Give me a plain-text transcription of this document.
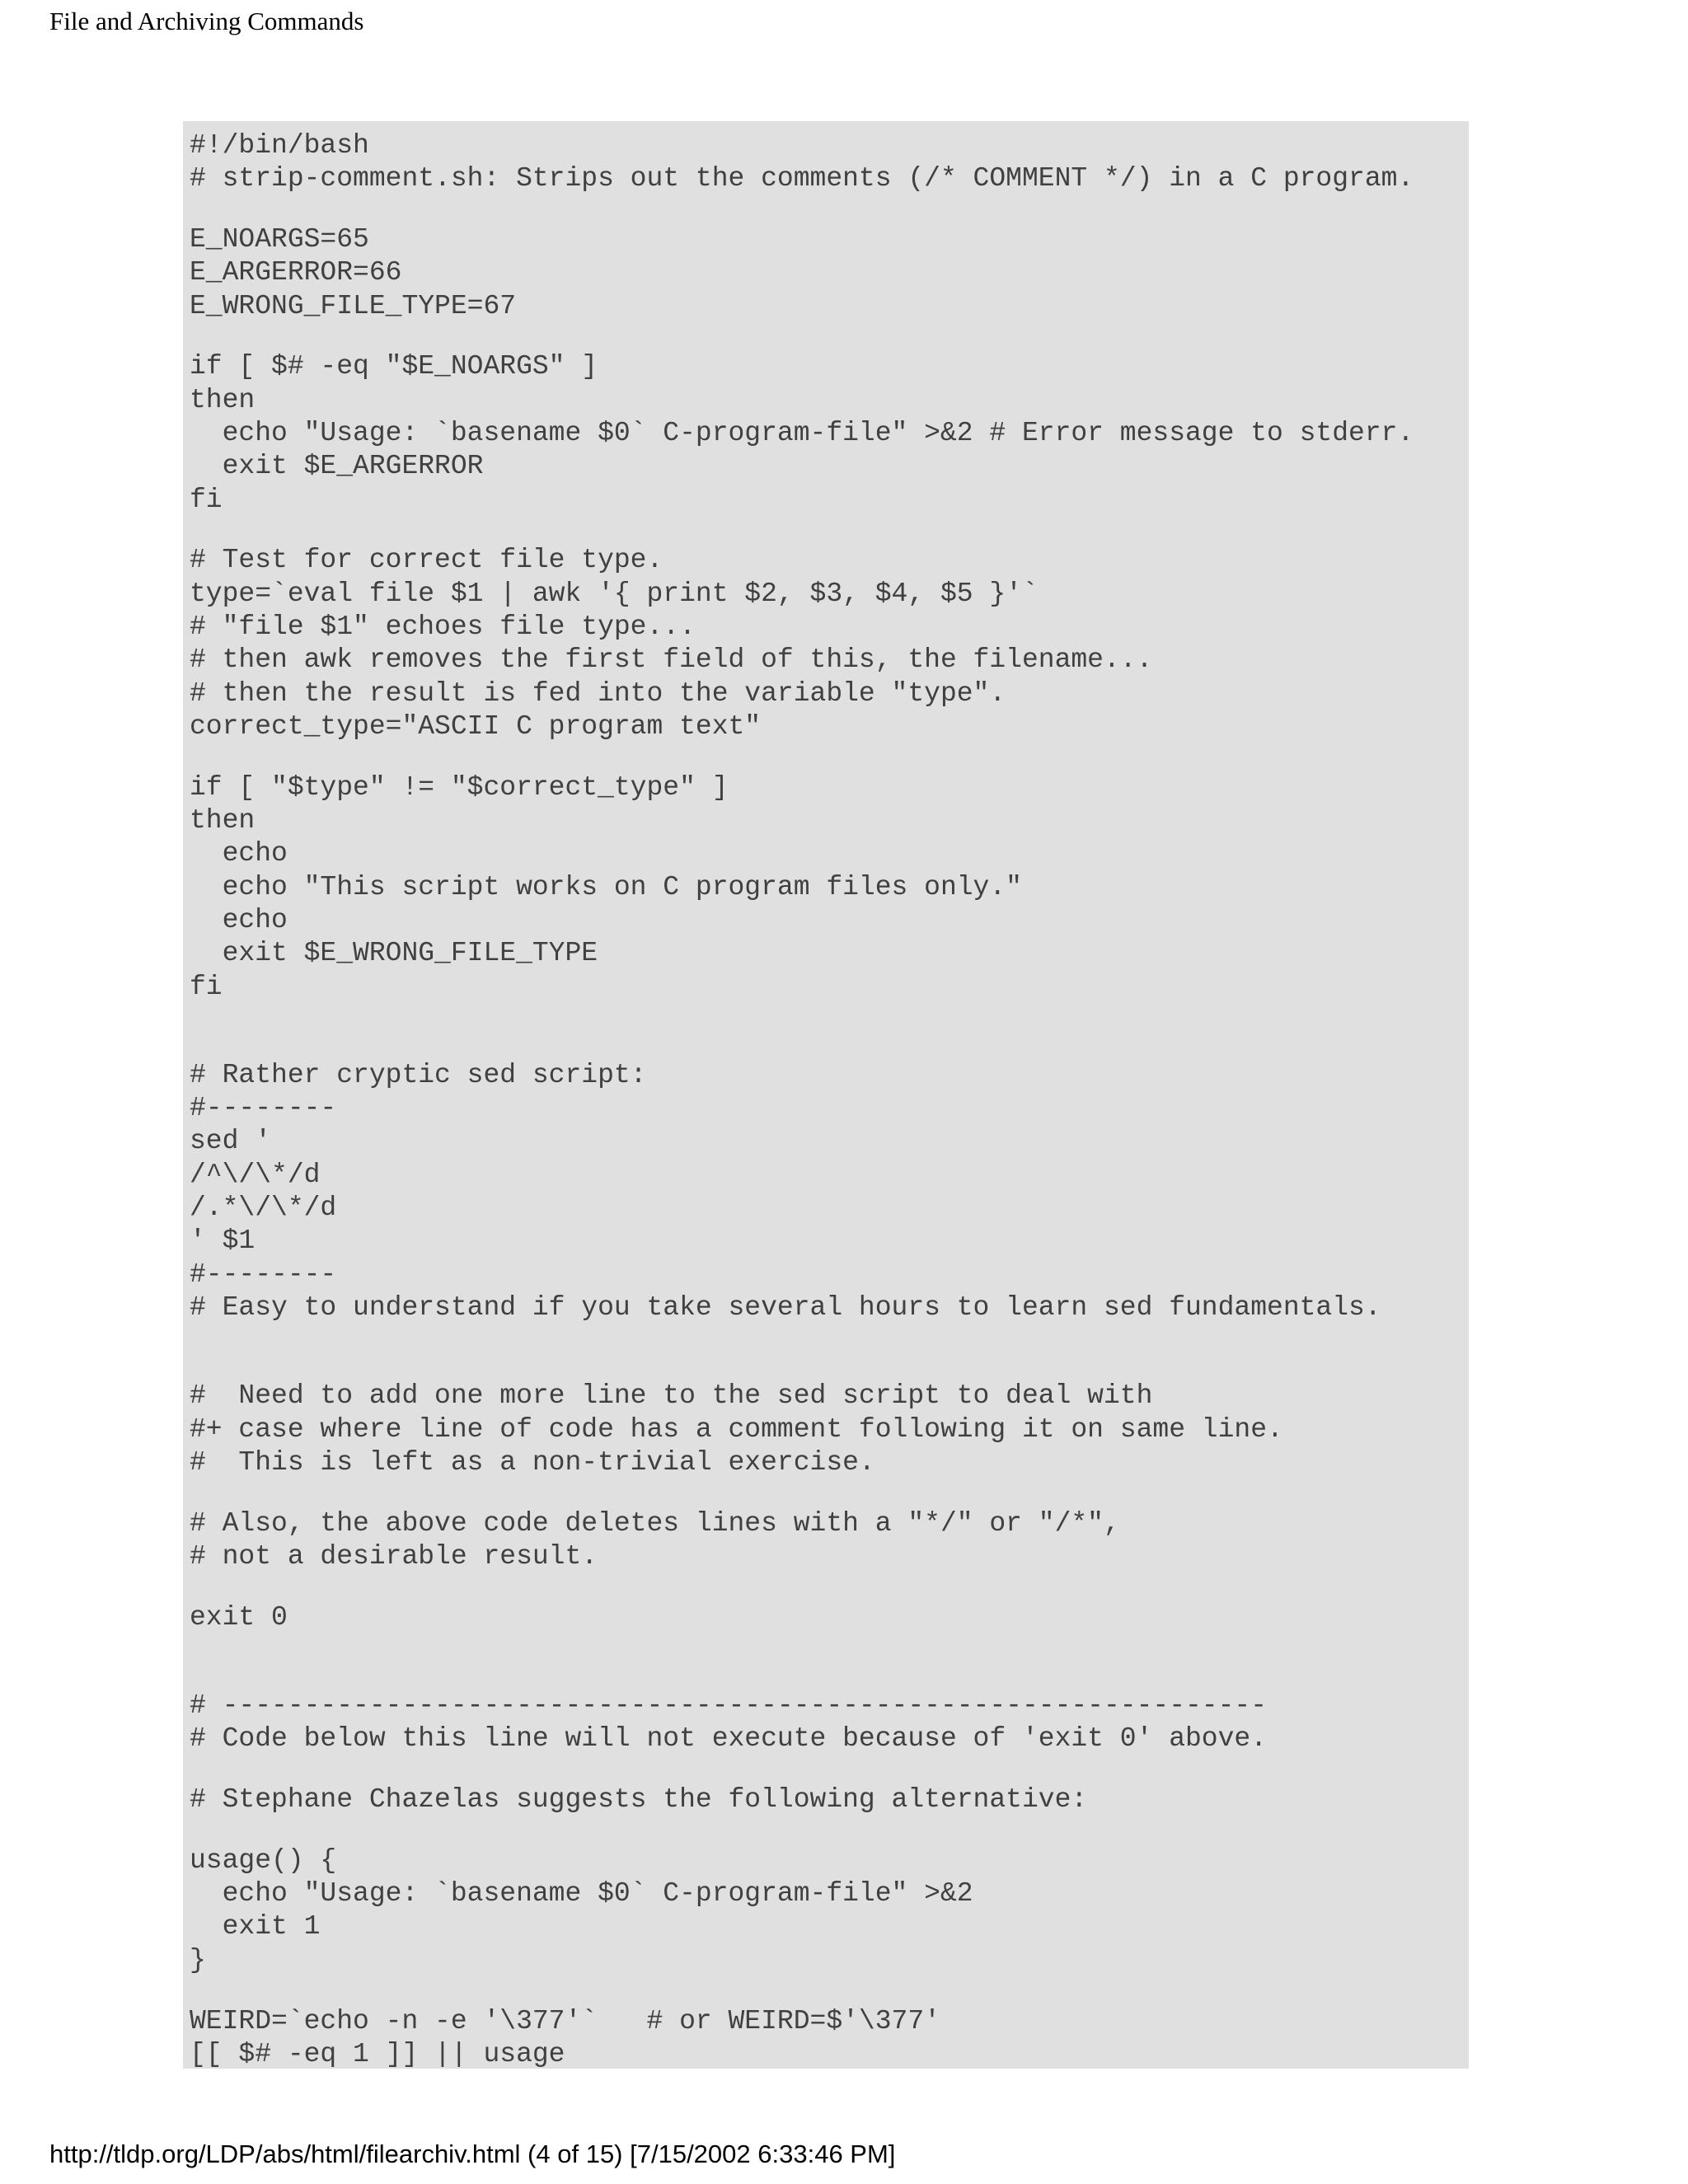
File and Archiving Commands
#!/bin/bash
# strip-comment.sh: Strips out the comments (/* COMMENT */) in a C program.
E_NOARGS=65
E_ARGERROR=66
E_WRONG_FILE_TYPE=67
if [ $# -eq "$E_NOARGS" ]
then
echo "Usage: `basename $0` C-program-file" >&2 # Error message to stderr.
exit $E_ARGERROR
fi
# Test for correct file type.
type=`eval file $1 | awk '{ print $2, $3, $4, $5 }'`
# "file $1" echoes file type...
# then awk removes the first field of this, the filename...
# then the result is fed into the variable "type".
correct_type="ASCII C program text"
if [ "$type" != "$correct_type" ]
then
echo
echo "This script works on C program files only."
echo
exit $E_WRONG_FILE_TYPE
fi
# Rather cryptic sed script:
#--------
sed '
/^\/\*/d
/.*\/\*/d
' $1
#--------
# Easy to understand if you take several hours to learn sed fundamentals.
#  Need to add one more line to the sed script to deal with
#+ case where line of code has a comment following it on same line.
#  This is left as a non-trivial exercise.
# Also, the above code deletes lines with a "*/" or "/*",
# not a desirable result.
exit 0
# ----------------------------------------------------------------
# Code below this line will not execute because of 'exit 0' above.
# Stephane Chazelas suggests the following alternative:
usage() {
echo "Usage: `basename $0` C-program-file" >&2
exit 1
}
WEIRD=`echo -n -e '\377'`   # or WEIRD=$'\377'
[[ $# -eq 1 ]] || usage
http://tldp.org/LDP/abs/html/filearchiv.html (4 of 15) [7/15/2002 6:33:46 PM]
